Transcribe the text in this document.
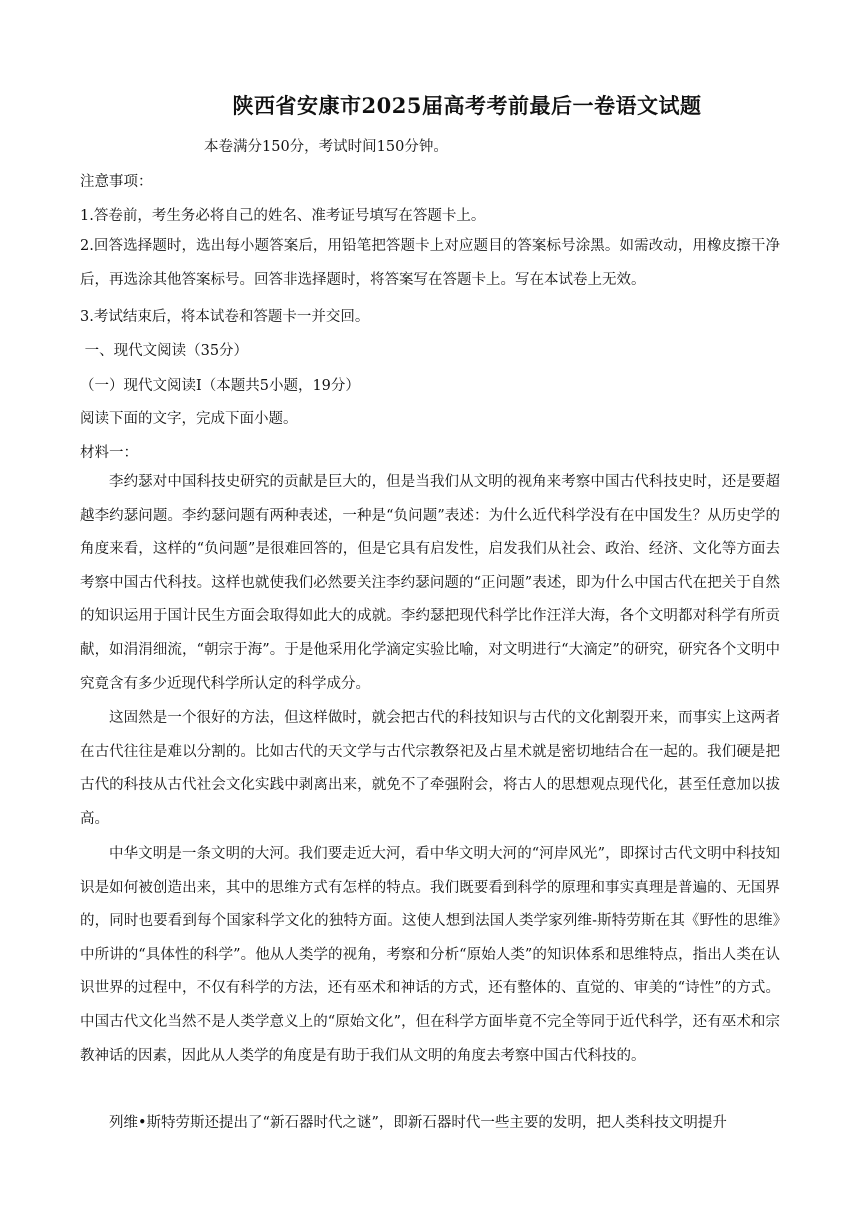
陕西省安康市2025届高考考前最后一卷语文试题
本卷满分150分，考试时间150分钟。
注意事项：
1.答卷前，考生务必将自己的姓名、准考证号填写在答题卡上。

2.回答选择题时，选出每小题答案后，用铅笔把答题卡上对应题目的答案标号涂黑。如需改动，用橡皮擦干净后，再选涂其他答案标号。回答非选择题时，将答案写在答题卡上。写在本试卷上无效。

3.考试结束后，将本试卷和答题卡一并交回。
一、现代文阅读（35分）
（一）现代文阅读Ⅰ（本题共5小题，19分）
阅读下面的文字，完成下面小题。
材料一：

李约瑟对中国科技史研究的贡献是巨大的，但是当我们从文明的视角来考察中国古代科技史时，还是要超越李约瑟问题。李约瑟问题有两种表述，一种是“负问题”表述：为什么近代科学没有在中国发生？从历史学的角度来看，这样的“负问题”是很难回答的，但是它具有启发性，启发我们从社会、政治、经济、文化等方面去考察中国古代科技。这样也就使我们必然要关注李约瑟问题的“正问题”表述，即为什么中国古代在把关于自然的知识运用于国计民生方面会取得如此大的成就。李约瑟把现代科学比作汪洋大海，各个文明都对科学有所贡献，如涓涓细流，“朝宗于海”。于是他采用化学滴定实验比喻，对文明进行“大滴定”的研究，研究各个文明中究竟含有多少近现代科学所认定的科学成分。

这固然是一个很好的方法，但这样做时，就会把古代的科技知识与古代的文化割裂开来，而事实上这两者在古代往往是难以分割的。比如古代的天文学与古代宗教祭祀及占星术就是密切地结合在一起的。我们硬是把古代的科技从古代社会文化实践中剥离出来，就免不了牵强附会，将古人的思想观点现代化，甚至任意加以拔高。

中华文明是一条文明的大河。我们要走近大河，看中华文明大河的“河岸风光”，即探讨古代文明中科技知识是如何被创造出来，其中的思维方式有怎样的特点。我们既要看到科学的原理和事实真理是普遍的、无国界的，同时也要看到每个国家科学文化的独特方面。这使人想到法国人类学家列维-斯特劳斯在其《野性的思维》中所讲的“具体性的科学”。他从人类学的视角，考察和分析“原始人类”的知识体系和思维特点，指出人类在认识世界的过程中，不仅有科学的方法，还有巫术和神话的方式，还有整体的、直觉的、审美的“诗性”的方式。中国古代文化当然不是人类学意义上的“原始文化”，但在科学方面毕竟不完全等同于近代科学，还有巫术和宗教神话的因素，因此从人类学的角度是有助于我们从文明的角度去考察中国古代科技的。

列维•斯特劳斯还提出了“新石器时代之谜”，即新石器时代一些主要的发明，把人类科技文明提升
